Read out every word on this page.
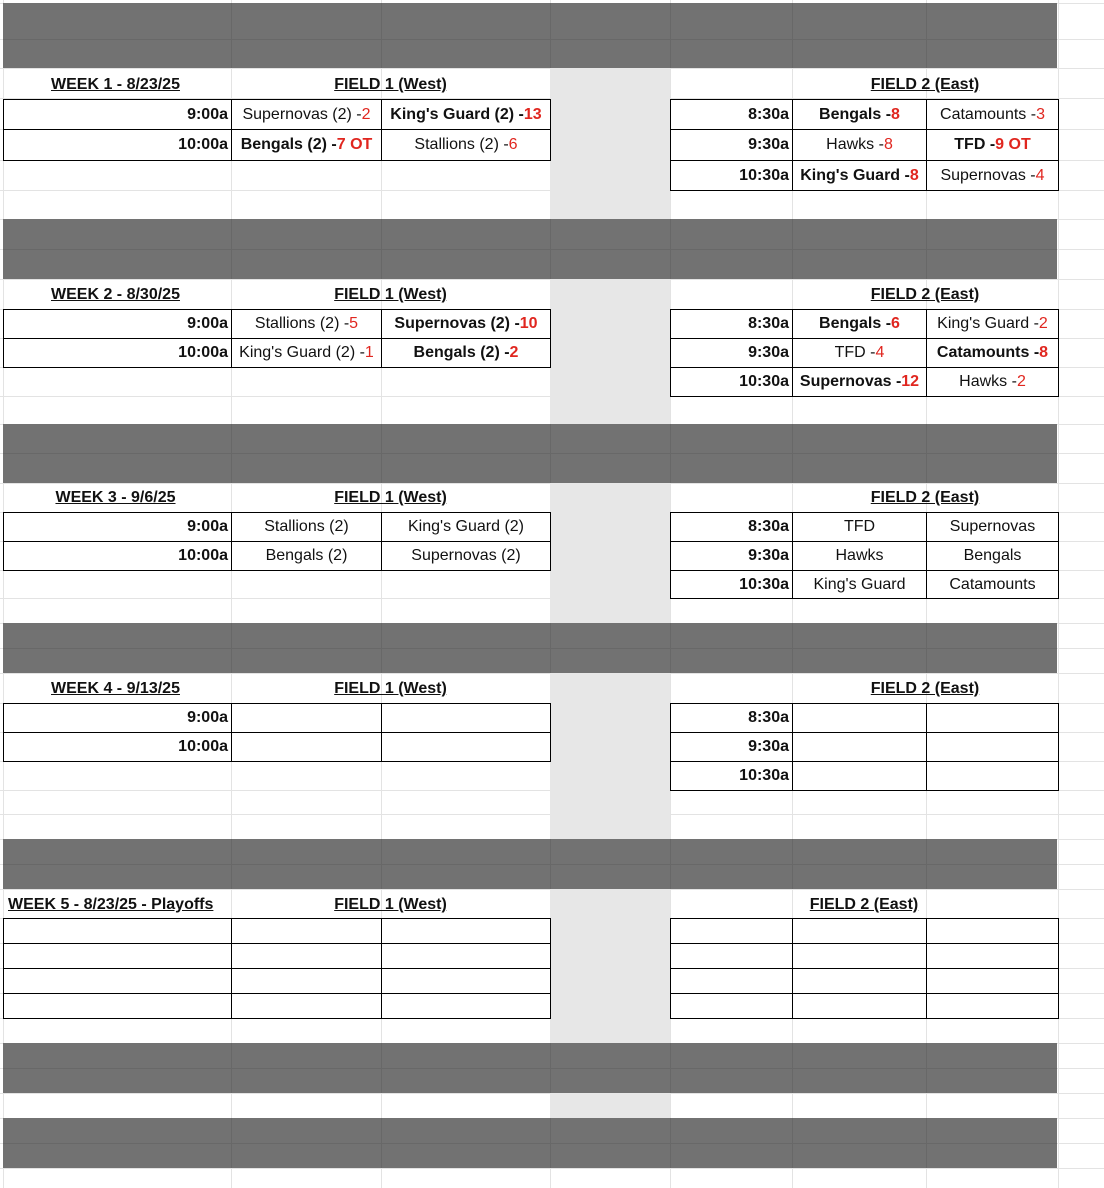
WEEK 1 - 8/23/25	FIELD 1 (West)	FIELD 2 (East)
9:00a Supernovas (2) - 2 King's Guard (2) - 13
10:00a Bengals (2) - 7 OT	Stallions (2) - 6
8:30a Bengals - 8	Catamounts - 3
9:30a Hawks - 8	TFD - 9 OT
10:30a King's Guard - 8 Supernovas - 4
WEEK 2 - 8/30/25	FIELD 1 (West)	FIELD 2 (East)
9:00a Stallions (2) - 5 Supernovas (2) - 10
10:00a King's Guard (2) - 1 Bengals (2) - 2
8:30a Bengals - 6 King's Guard - 2
9:30a	TFD - 4	Catamounts - 8
10:30a Supernovas - 12	Hawks - 2
WEEK 3 - 9/6/25	FIELD 1 (West)	FIELD 2 (East)
9:00a Stallions (2)	King's Guard (2)
10:00a Bengals (2)	Supernovas (2)
8:30a	TFD	Supernovas
9:30a	Hawks	Bengals
10:30a King's Guard	Catamounts
WEEK 4 - 9/13/25	FIELD 1 (West)	FIELD 2 (East)
9:00a
10:00a
8:30a
9:30a
10:30a
WEEK 5 - 8/23/25 - Playoffs	FIELD 1 (West)	FIELD 2 (East)
